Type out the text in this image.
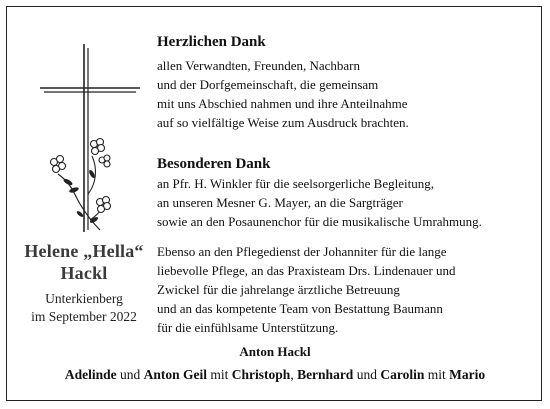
Helene „Hella“
Hackl
Unterkienberg
im September 2022
Herzlichen Dank
allen Verwandten, Freunden, Nachbarn
und der Dorfgemeinschaft, die gemeinsam
mit uns Abschied nahmen und ihre Anteilnahme
auf so vielfältige Weise zum Ausdruck brachten.
Besonderen Dank
an Pfr. H. Winkler für die seelsorgerliche Begleitung,
an unseren Mesner G. Mayer, an die Sargträger
sowie an den Posaunenchor für die musikalische Umrahmung.
Ebenso an den Pflegedienst der Johanniter für die lange
liebevolle Pflege, an das Praxisteam Drs. Lindenauer und
Zwickel für die jahrelange ärztliche Betreuung
und an das kompetente Team von Bestattung Baumann
für die einfühlsame Unterstützung.
Anton Hackl
Adelinde und Anton Geil mit Christoph, Bernhard und Carolin mit Mario
